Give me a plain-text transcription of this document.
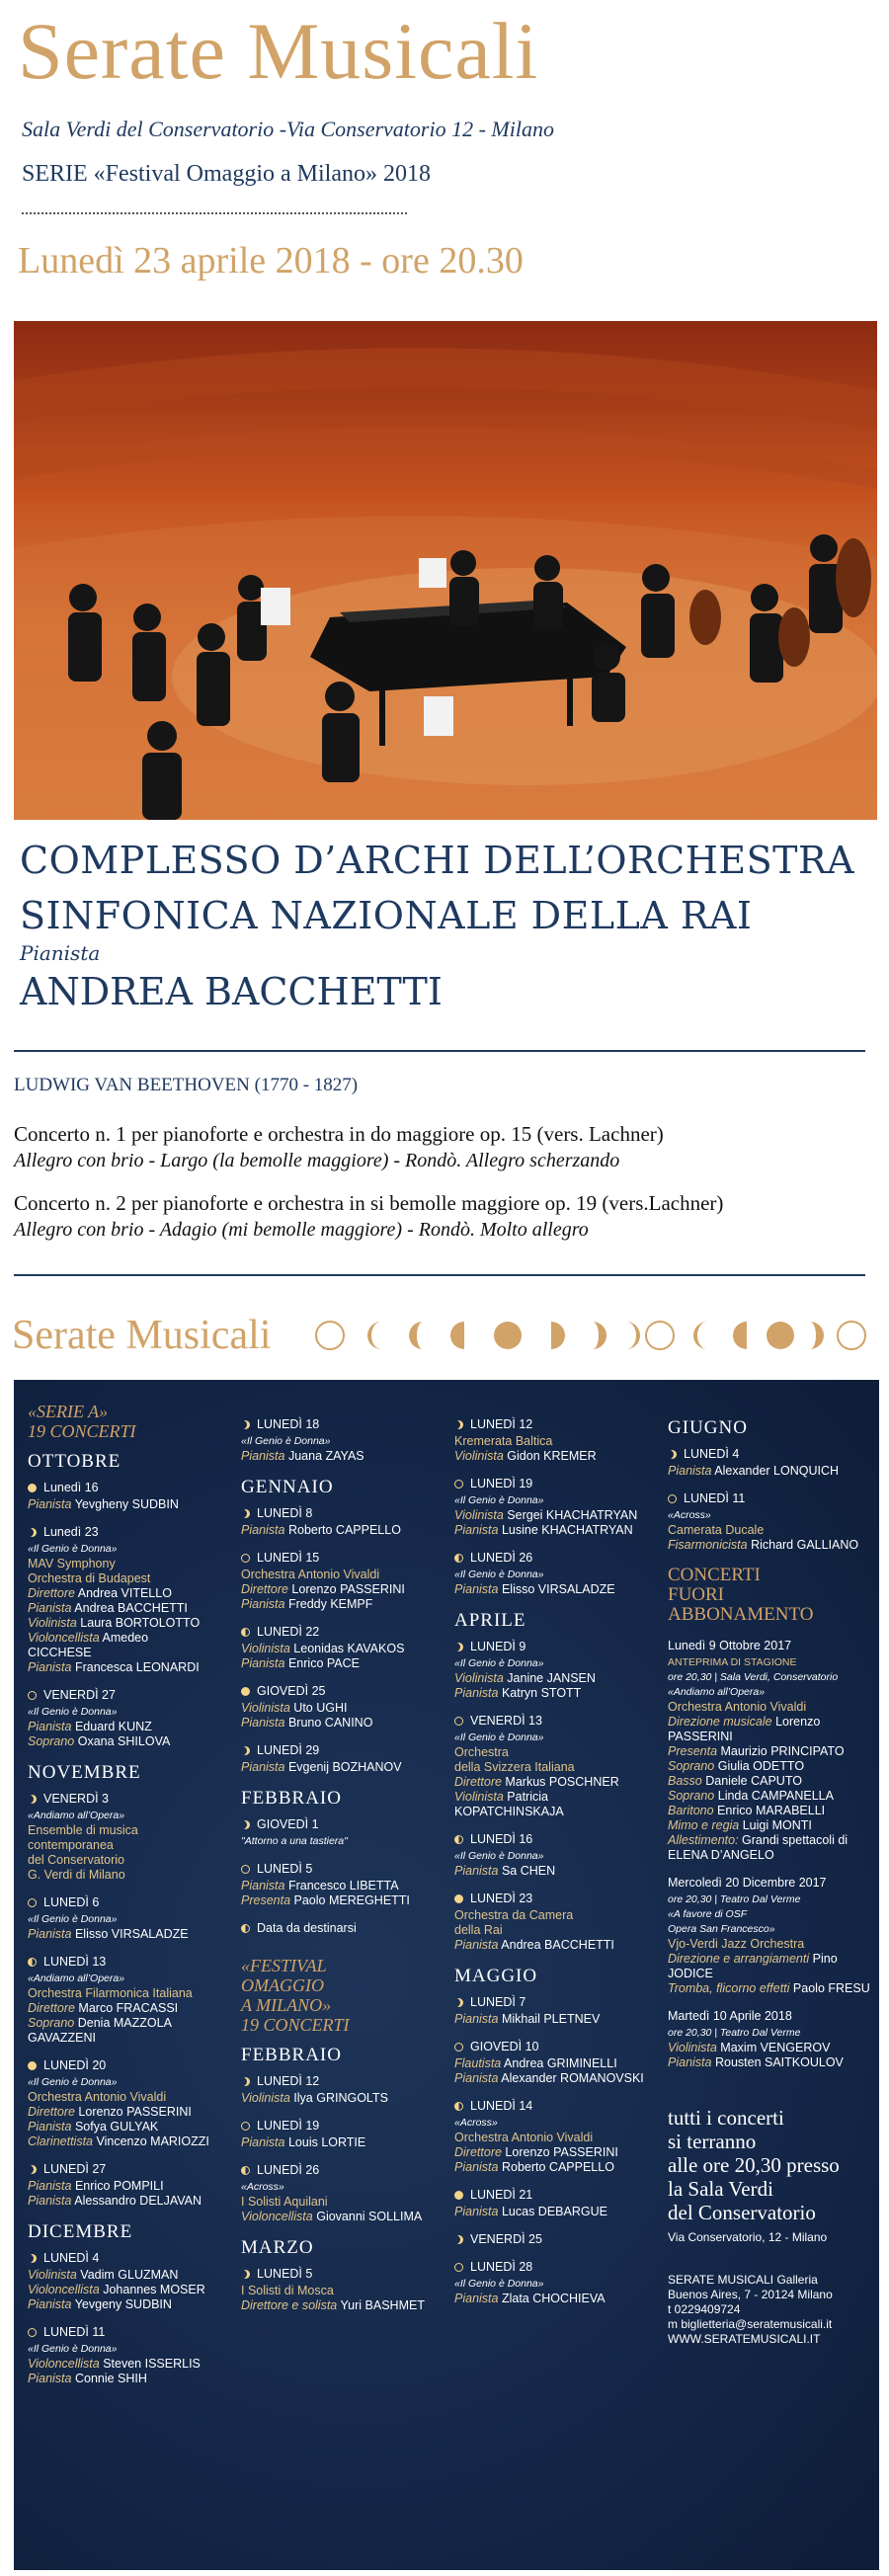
Serate Musicali
Sala Verdi del Conservatorio -Via Conservatorio 12 - Milano
SERIE «Festival Omaggio a Milano» 2018
Lunedì 23 aprile 2018 - ore 20.30
COMPLESSO D’ARCHI DELL’ORCHESTRA
SINFONICA NAZIONALE DELLA RAI
Pianista
ANDREA BACCHETTI
LUDWIG VAN BEETHOVEN (1770 - 1827)
Concerto n. 1 per pianoforte e orchestra in do maggiore op. 15 (vers. Lachner)
Allegro con brio - Largo (la bemolle maggiore) - Rondò. Allegro scherzando
Concerto n. 2 per pianoforte e orchestra in si bemolle maggiore op. 19 (vers.Lachner)
Allegro con brio - Adagio (mi bemolle maggiore) - Rondò. Molto allegro
Serate Musicali
«SERIE A»
19 CONCERTI
OTTOBRE
Lunedì 16
Pianista Yevgheny SUDBIN
Lunedì 23
«Il Genio è Donna»
MAV Symphony
Orchestra di Budapest
Direttore Andrea VITELLO
Pianista Andrea BACCHETTI
Violinista Laura BORTOLOTTO
Violoncellista Amedeo CICCHESE
Pianista Francesca LEONARDI
VENERDÌ 27
«Il Genio è Donna»
Pianista Eduard KUNZ
Soprano Oxana SHILOVA
NOVEMBRE
VENERDÌ 3
«Andiamo all’Opera»
Ensemble di musica
contemporanea
del Conservatorio
G. Verdi di Milano
LUNEDÌ 6
«Il Genio è Donna»
Pianista Elisso VIRSALADZE
LUNEDÌ 13
«Andiamo all’Opera»
Orchestra Filarmonica Italiana
Direttore Marco FRACASSI
Soprano Denia MAZZOLA GAVAZZENI
LUNEDÌ 20
«Il Genio è Donna»
Orchestra Antonio Vivaldi
Direttore Lorenzo PASSERINI
Pianista Sofya GULYAK
Clarinettista Vincenzo MARIOZZI
LUNEDÌ 27
Pianista Enrico POMPILI
Pianista Alessandro DELJAVAN
DICEMBRE
LUNEDÌ 4
Violinista Vadim GLUZMAN
Violoncellista Johannes MOSER
Pianista Yevgeny SUDBIN
LUNEDÌ 11
«Il Genio è Donna»
Violoncellista Steven ISSERLIS
Pianista Connie SHIH
LUNEDÌ 18
«Il Genio è Donna»
Pianista Juana ZAYAS
GENNAIO
LUNEDÌ 8
Pianista Roberto CAPPELLO
LUNEDÌ 15
Orchestra Antonio Vivaldi
Direttore Lorenzo PASSERINI
Pianista Freddy KEMPF
LUNEDÌ 22
Violinista Leonidas KAVAKOS
Pianista Enrico PACE
GIOVEDÌ 25
Violinista Uto UGHI
Pianista Bruno CANINO
LUNEDÌ 29
Pianista Evgenij BOZHANOV
FEBBRAIO
GIOVEDÌ 1
"Attorno a una tastiera"
LUNEDÌ 5
Pianista Francesco LIBETTA
Presenta Paolo MEREGHETTI
Data da destinarsi
«FESTIVAL
OMAGGIO
A MILANO»
19 CONCERTI
FEBBRAIO
LUNEDÌ 12
Violinista Ilya GRINGOLTS
LUNEDÌ 19
Pianista Louis LORTIE
LUNEDÌ 26
«Across»
I Solisti Aquilani
Violoncellista Giovanni SOLLIMA
MARZO
LUNEDÌ 5
I Solisti di Mosca
Direttore e solista Yuri BASHMET
LUNEDÌ 12
Kremerata Baltica
Violinista Gidon KREMER
LUNEDÌ 19
«Il Genio è Donna»
Violinista Sergei KHACHATRYAN
Pianista Lusine KHACHATRYAN
LUNEDÌ 26
«Il Genio è Donna»
Pianista Elisso VIRSALADZE
APRILE
LUNEDÌ 9
«Il Genio è Donna»
Violinista Janine JANSEN
Pianista Katryn STOTT
VENERDÌ 13
«Il Genio è Donna»
Orchestra
della Svizzera Italiana
Direttore Markus POSCHNER
Violinista Patricia KOPATCHINSKAJA
LUNEDÌ 16
«Il Genio è Donna»
Pianista Sa CHEN
LUNEDÌ 23
Orchestra da Camera
della Rai
Pianista Andrea BACCHETTI
MAGGIO
LUNEDÌ 7
Pianista Mikhail PLETNEV
GIOVEDÌ 10
Flautista Andrea GRIMINELLI
Pianista Alexander ROMANOVSKI
LUNEDÌ 14
«Across»
Orchestra Antonio Vivaldi
Direttore Lorenzo PASSERINI
Pianista Roberto CAPPELLO
LUNEDÌ 21
Pianista Lucas DEBARGUE
VENERDÌ 25
LUNEDÌ 28
«Il Genio è Donna»
Pianista Zlata CHOCHIEVA
GIUGNO
LUNEDÌ 4
Pianista Alexander LONQUICH
LUNEDÌ 11
«Across»
Camerata Ducale
Fisarmonicista Richard GALLIANO
CONCERTI
FUORI
ABBONAMENTO
Lunedì 9 Ottobre 2017
ANTEPRIMA DI STAGIONE
ore 20,30 | Sala Verdi, Conservatorio
«Andiamo all’Opera»
Orchestra Antonio Vivaldi
Direzione musicale Lorenzo PASSERINI
Presenta Maurizio PRINCIPATO
Soprano Giulia ODETTO
Basso Daniele CAPUTO
Soprano Linda CAMPANELLA
Baritono Enrico MARABELLI
Mimo e regia Luigi MONTI
Allestimento: Grandi spettacoli di ELENA D’ANGELO
Mercoledì 20 Dicembre 2017
ore 20,30 | Teatro Dal Verme
«A favore di OSF
Opera San Francesco»
Vjo-Verdi Jazz Orchestra
Direzione e arrangiamenti Pino JODICE
Tromba, flicorno effetti Paolo FRESU
Martedì 10 Aprile 2018
ore 20,30 | Teatro Dal Verme
Violinista Maxim VENGEROV
Pianista Rousten SAITKOULOV
tutti i concerti
si terranno
alle ore 20,30 presso
la Sala Verdi
del Conservatorio
Via Conservatorio, 12 - Milano
SERATE MUSICALI Galleria
Buenos Aires, 7 - 20124 Milano
t 0229409724
m biglietteria@seratemusicali.it
WWW.SERATEMUSICALI.IT
